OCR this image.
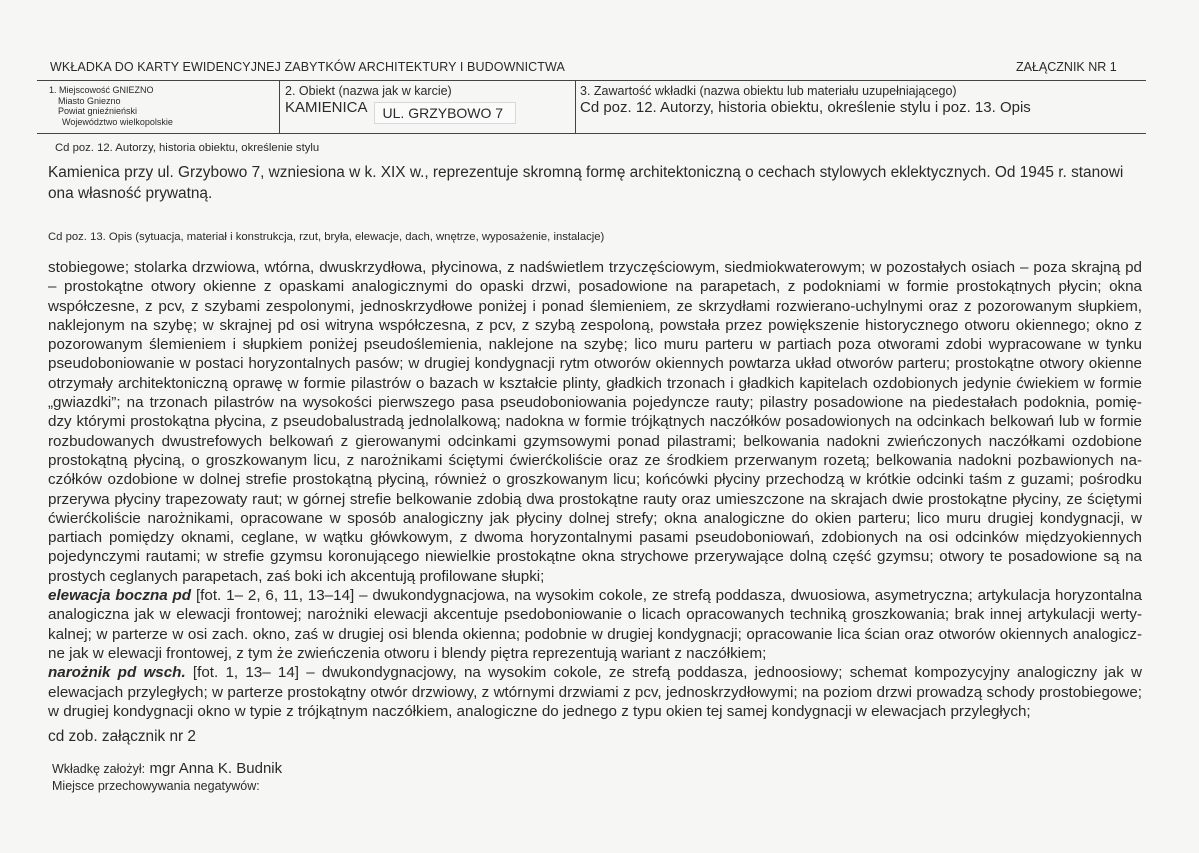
WKŁADKA DO KARTY EWIDENCYJNEJ ZABYTKÓW ARCHITEKTURY I BUDOWNICTWA	ZAŁĄCZNIK NR 1
1. Miejscowość GNIEZNO
Miasto Gniezno
Powiat gnieźnieński
Województwo wielkopolskie
2. Obiekt (nazwa jak w karcie)
KAMIENICA UL. GRZYBOWO 7
3. Zawartość wkładki (nazwa obiektu lub materiału uzupełniającego)
Cd poz. 12. Autorzy, historia obiektu, określenie stylu i poz. 13. Opis
Cd poz. 12. Autorzy, historia obiektu, określenie stylu
Kamienica przy ul. Grzybowo 7, wzniesiona w k. XIX w., reprezentuje skromną formę architektoniczną o cechach stylowych eklektycznych. Od 1945 r. stanowi ona własność prywatną.
Cd poz. 13. Opis (sytuacja, materiał i konstrukcja, rzut, bryła, elewacje, dach, wnętrze, wyposażenie, instalacje)
stobiegowe; stolarka drzwiowa, wtórna, dwuskrzydłowa, płycinowa, z nadświetlem trzyczęściowym, siedmiokwaterowym; w pozostałych osiach – poza skrajną pd
– prostokątne otwory okienne z opaskami analogicznymi do opaski drzwi, posadowione na parapetach, z podokniami w formie prostokątnych płycin; okna
współczesne, z pcv, z szybami zespolonymi, jednoskrzydłowe poniżej i ponad ślemieniem, ze skrzydłami rozwierano-uchylnymi oraz z pozorowanym słupkiem,
naklejonym na szybę; w skrajnej pd osi witryna współczesna, z pcv, z szybą zespoloną, powstała przez powiększenie historycznego otworu okiennego; okno z
pozorowanym ślemieniem i słupkiem poniżej pseudoślemienia, naklejone na szybę; lico muru parteru w partiach poza otworami zdobi wypracowane w tynku
pseudoboniowanie w postaci horyzontalnych pasów; w drugiej kondygnacji rytm otworów okiennych powtarza układ otworów parteru; prostokątne otwory okienne
otrzymały architektoniczną oprawę w formie pilastrów o bazach w kształcie plinty, gładkich trzonach i gładkich kapitelach ozdobionych jedynie ćwiekiem w formie
„gwiazdki”; na trzonach pilastrów na wysokości pierwszego pasa pseudoboniowania pojedyncze rauty; pilastry posadowione na piedestałach podoknia, pomię-
dzy którymi prostokątna płycina, z pseudobalustradą jednolalkową; nadokna w formie trójkątnych naczółków posadowionych na odcinkach belkowań lub w formie
rozbudowanych dwustrefowych belkowań z gierowanymi odcinkami gzymsowymi ponad pilastrami; belkowania nadokni zwieńczonych naczółkami ozdobione
prostokątną płyciną, o groszkowanym licu, z narożnikami ściętymi ćwierćkoliście oraz ze środkiem przerwanym rozetą; belkowania nadokni pozbawionych na-
czółków ozdobione w dolnej strefie prostokątną płyciną, również o groszkowanym licu; końcówki płyciny przechodzą w krótkie odcinki taśm z guzami; pośrodku
przerywa płyciny trapezowaty raut; w górnej strefie belkowanie zdobią dwa prostokątne rauty oraz umieszczone na skrajach dwie prostokątne płyciny, ze ściętymi
ćwierćkoliście narożnikami, opracowane w sposób analogiczny jak płyciny dolnej strefy; okna analogiczne do okien parteru; lico muru drugiej kondygnacji, w
partiach pomiędzy oknami, ceglane, w wątku główkowym, z dwoma horyzontalnymi pasami pseudoboniowań, zdobionych na osi odcinków międzyokiennych
pojedynczymi rautami; w strefie gzymsu koronującego niewielkie prostokątne okna strychowe przerywające dolną część gzymsu; otwory te posadowione są na
prostych ceglanych parapetach, zaś boki ich akcentują profilowane słupki;
elewacja boczna pd [fot. 1– 2, 6, 11, 13–14] – dwukondygnacjowa, na wysokim cokole, ze strefą poddasza, dwuosiowa, asymetryczna; artykulacja horyzontalna
analogiczna jak w elewacji frontowej; narożniki elewacji akcentuje psedoboniowanie o licach opracowanych techniką groszkowania; brak innej artykulacji werty-
kalnej; w parterze w osi zach. okno, zaś w drugiej osi blenda okienna; podobnie w drugiej kondygnacji; opracowanie lica ścian oraz otworów okiennych analogicz-
ne jak w elewacji frontowej, z tym że zwieńczenia otworu i blendy piętra reprezentują wariant z naczółkiem;
narożnik pd wsch. [fot. 1, 13– 14] – dwukondygnacjowy, na wysokim cokole, ze strefą poddasza, jednoosiowy; schemat kompozycyjny analogiczny jak w
elewacjach przyległych; w parterze prostokątny otwór drzwiowy, z wtórnymi drzwiami z pcv, jednoskrzydłowymi; na poziom drzwi prowadzą schody prostobiegowe;
w drugiej kondygnacji okno w typie z trójkątnym naczółkiem, analogiczne do jednego z typu okien tej samej kondygnacji w elewacjach przyległych;
cd zob. załącznik nr 2
Wkładkę założył: mgr Anna K. Budnik
Miejsce przechowywania negatywów:
